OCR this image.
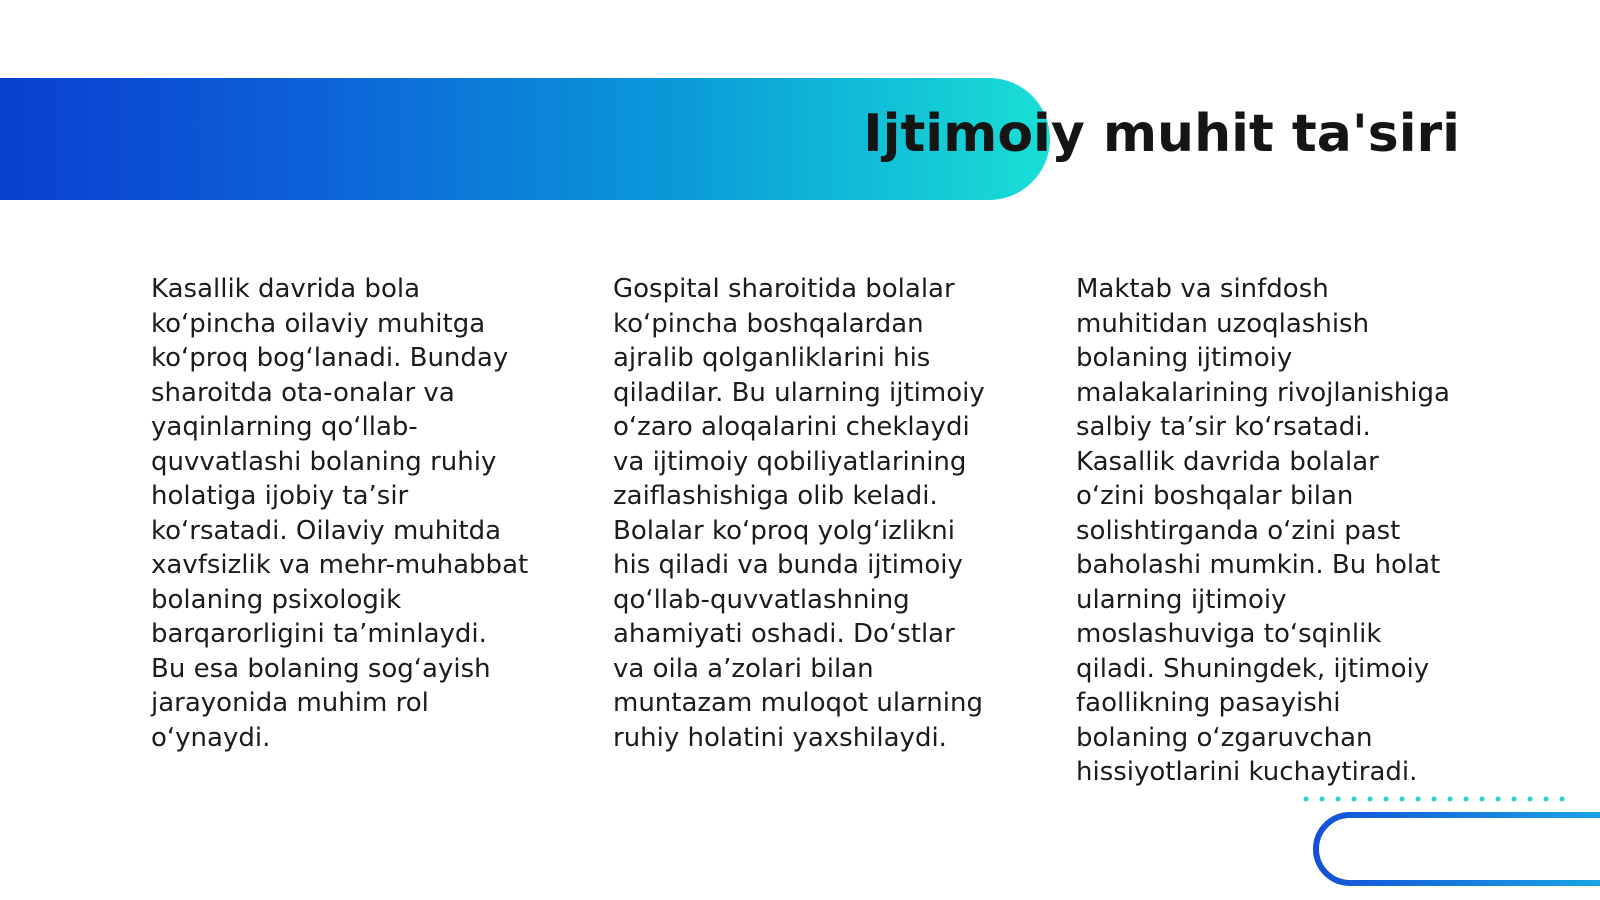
Ijtimoiy muhit ta'siri

Kasallik davrida bola ko‘pincha oilaviy muhitga ko‘proq bog‘lanadi. Bunday sharoitda ota-onalar va yaqinlarning qo‘llab-quvvatlashi bolaning ruhiy holatiga ijobiy ta’sir ko‘rsatadi. Oilaviy muhitda xavfsizlik va mehr-muhabbat bolaning psixologik barqarorligini ta’minlaydi. Bu esa bolaning sog‘ayish jarayonida muhim rol o‘ynaydi.

Gospital sharoitida bolalar ko‘pincha boshqalardan ajralib qolganliklarini his qiladilar. Bu ularning ijtimoiy o‘zaro aloqalarini cheklaydi va ijtimoiy qobiliyatlarining zaiflashishiga olib keladi. Bolalar ko‘proq yolg‘izlikni his qiladi va bunda ijtimoiy qo‘llab-quvvatlashning ahamiyati oshadi. Do‘stlar va oila a’zolari bilan muntazam muloqot ularning ruhiy holatini yaxshilaydi.

Maktab va sinfdosh muhitidan uzoqlashish bolaning ijtimoiy malakalarining rivojlanishiga salbiy ta’sir ko‘rsatadi. Kasallik davrida bolalar o‘zini boshqalar bilan solishtirganda o‘zini past baholashi mumkin. Bu holat ularning ijtimoiy moslashuviga to‘sqinlik qiladi. Shuningdek, ijtimoiy faollikning pasayishi bolaning o‘zgaruvchan hissiyotlarini kuchaytiradi.
